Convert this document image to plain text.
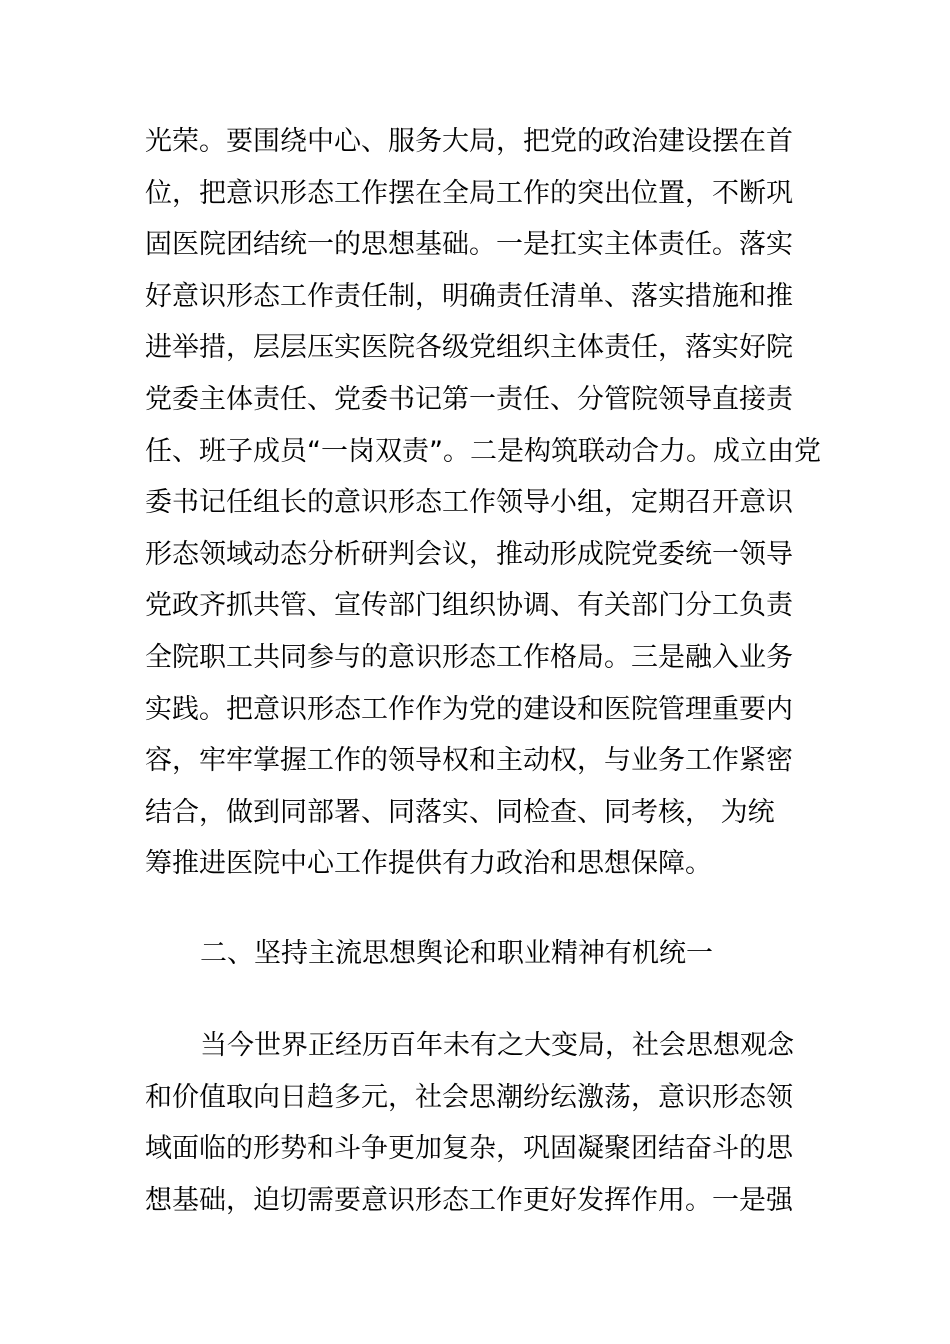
光荣。要围绕中心、服务大局，把党的政治建设摆在首
位，把意识形态工作摆在全局工作的突出位置，不断巩
固医院团结统一的思想基础。一是扛实主体责任。落实
好意识形态工作责任制，明确责任清单、落实措施和推
进举措，层层压实医院各级党组织主体责任，落实好院
党委主体责任、党委书记第一责任、分管院领导直接责
任、班子成员“一岗双责”。二是构筑联动合力。成立由党
委书记任组长的意识形态工作领导小组，定期召开意识
形态领域动态分析研判会议，推动形成院党委统一领导
党政齐抓共管、宣传部门组织协调、有关部门分工负责
全院职工共同参与的意识形态工作格局。三是融入业务
实践。把意识形态工作作为党的建设和医院管理重要内
容，牢牢掌握工作的领导权和主动权，与业务工作紧密
结合，做到同部署、同落实、同检查、同考核， 为统
筹推进医院中心工作提供有力政治和思想保障。
二、坚持主流思想舆论和职业精神有机统一
当今世界正经历百年未有之大变局，社会思想观念
和价值取向日趋多元，社会思潮纷纭激荡，意识形态领
域面临的形势和斗争更加复杂，巩固凝聚团结奋斗的思
想基础，迫切需要意识形态工作更好发挥作用。一是强
